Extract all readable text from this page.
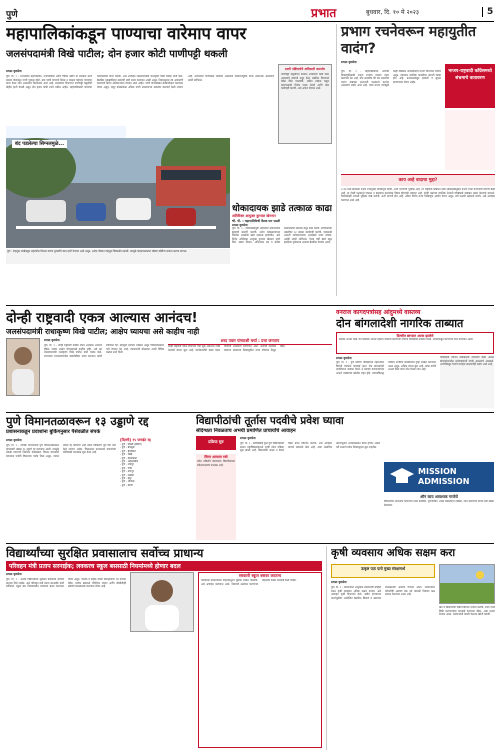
पुणे	प्रभात	बुधवार, दि. १० मे २०२३	5
महापालिकांकडून पाण्याचा वारेमाप वापर
जलसंपदामंत्री विखे पाटील; दोन हजार कोटी पाणीपट्टी थकली
प्रभात वृत्तसेवा
पुणे, दि. ९ - राज्यातील महापालिका, नगरपालिका आणि विविध उद्योग या संस्थांना धरण प्रकल्प योजनेतून पाणी पुरवठा होतो. मात्र पाणी वापराचे नियम न पाळता वारेमाप पाण्याचा वापर केला जात असल्याचे निदर्शनास आले आहे. जलसंपदा विभागाने पाणीपट्टी वसुलीची मोहीम हाती घेतली असून दोन हजार कोटी रुपये थकीत आहेत. महापालिकांनी पाण्याचा काटकसरीने वापर करावा, असे आवाहन जलसंपदामंत्री राधाकृष्ण विखे पाटील यांनी केले. बैठकीत थकबाकीदार संस्थांची यादी सादर करण्यात आली असून, नियमानुसार दंड आकारणी करण्याचे निर्देश अधिकाऱ्यांना देण्यात आले आहेत. पाणी वापराबाबत लेखापरीक्षण करण्यात येणार असून, मंजूर कोट्यापेक्षा अधिक पाणी उचलणाऱ्या संस्थांवर कारवाई केली जाणार आहे. धरणांतील पाणीसाठा मर्यादित असल्याने नियोजनपूर्वक वापर आवश्यक असल्याचे त्यांनी सांगितले.
प्राणी पक्षिवर्गाचे अधिकारी कमजोर
पाणीपट्टी वसुलीच्या कामात अधिकारी कमी पडत असल्याचे मंत्र्यांनी नमूद केले. संबंधित विभागाने वेळेत बिले पाठवावी, थकीत रक्कम वसूल करण्यासाठी विशेष पथक नेमावे आणि ठोस कार्यवाही करावी, असे आदेश देण्यात आले.
बंद पडलेल्या सिग्नलमुळे...
पुणे : वाहतूक शाखेकडून शहरातील सिग्नल यंत्रणा दुरुस्तीचे काम हाती घेण्यात आले असून, अनेक चौकांत वाहतूक विस्कळीत झाली. त्यामुळे वाहनचालकांना मोठ्या कोंडीचा सामना करावा लागला.
धोकादायक झाडे तत्काळ काढा
अतिरिक्त आयुक्त कुणाल खेमनार
भी. पी. : महापालिकेची बैठक पार पडली
प्रभात वृत्तसेवा
पुणे, दि. ९ - पावसाळ्यापूर्वी शहरातील धोकादायक झाडांची छाटणी करावी, तसेच कोसळण्याच्या स्थितीत असलेली झाडे तत्काळ हटवावीत, असे निर्देश अतिरिक्त आयुक्त कुणाल खेमनार यांनी दिले. उद्यान विभाग, अग्निशमन दल व क्षेत्रीय कार्यालयांनी समन्वय ठेवून काम करावे. नागरिकांच्या तक्रारींवर २४ तासांत कार्यवाही करावी. पावसाळी आपत्ती व्यवस्थापनाचा आराखडा तयार ठेवावा, असेही त्यांनी सांगितले. गेल्या वर्षी झाडे पडून झालेल्या दुर्घटनांचा आढावा बैठकीत घेण्यात आला.
प्रभाग रचनेवरून महायुतीत वादंग?
प्रभात वृत्तसेवा
पुणे, दि. ९ - महापालिकेच्या आगामी निवडणुकीसाठी प्रभाग रचनेचा प्रस्ताव तयार करण्यात येत आहे. तीन सदस्यीय की चार सदस्यीय प्रभाग याबाबत सत्ताधारी पक्षांमध्ये मतभेद असल्याचे समोर आले आहे. नव्या प्रभाग रचनेमुळे काही विद्यमान नगरसेवकांचे प्रभाग विभागले जाणार असून, त्यावरून स्थानिक पातळीवर नाराजी व्यक्त होत आहे. प्रशासनाकडून हरकती व सूचना मागवण्यात येणार आहेत.
भाजप-राष्ट्रवादी काँग्रेसमध्ये संभ्रमाचे वातावरण
काय आहे वादाचा मुद्दा?
२०१७ मध्ये झालेल्या प्रभाग रचनेनुसार निवडणूक घ्यावी, अशी भाजपची भूमिका आहे. तर राष्ट्रवादी काँग्रेसने नव्या लोकसंख्येनुसार प्रभाग रचना करण्याची मागणी केली आहे. या दोन्ही पक्षांमध्ये एकमत न झाल्यास प्रस्तावास विलंब होण्याची शक्यता आहे. दोन्ही पक्षांच्या स्थानिक नेत्यांनी वरिष्ठांकडे याबाबत तक्रार केल्याचे समजते. शिवसेनेनेही आपली भूमिका स्पष्ट करावी, अशी मागणी होत आहे. अंतिम निर्णय राज्य निवडणूक आयोग घेणार असून, सर्व पक्षांनी सहकार्य करावे, असे आवाहन करण्यात आले आहे.
दोन्ही राष्ट्रवादी एकत्र आल्यास आनंदच!
जलसंपदामंत्री राधाकृष्ण विखे पाटील; आक्षेप घ्यायचा असे काहीच नाही
प्रभात वृत्तसेवा
पुणे, दि. ९ - दोन्ही राष्ट्रवादी काँग्रेस एकत्र आल्यास आनंदच होईल, त्यावर आक्षेप घेण्यासारखे काहीच नाही, असे मत जलसंपदामंत्री राधाकृष्ण विखे पाटील यांनी व्यक्त केले. राज्याच्या राजकारणातील घडामोडींवर भाष्य करताना त्यांनी सांगितले की, महायुती सरकार भक्कम असून विकासकामांना गती देण्यात येत आहे. पत्रकारांशी बोलताना त्यांनी विविध प्रश्नांना उत्तरे दिली.
शरद पवार यांच्याशी चर्चा : दत्ता जगताप
दोन्ही राष्ट्रवादी एकत्र येण्याच्या चर्चा सुरू असताना ज्येष्ठ नेत्यांशी संवाद सुरू आहे. कार्यकर्त्यांची इच्छा एकत्र येण्याची असल्याचे सांगण्यात आले. आगामी स्थानिक स्वराज्य संस्थांच्या निवडणुकीत याचा परिणाम दिसून येईल.
वनराज कागदपत्रांसह आंदुमध्ये वास्तव्य
दोन बांगलादेशी नागरिक ताब्यात
दिल्लीत छाप्यात अटक झालेले
बनावट आधार कार्ड, पॅन कार्डच्या आधारे शहरात वास्तव्य करणाऱ्या दोघांना पोलिसांनी ताब्यात घेतले. त्यांच्याकडून कागदपत्रे जप्त करण्यात आली.
प्रभात वृत्तसेवा
पुणे, दि. ९ - पुणे ग्रामीण पोलिसांच्या दहशतवाद विरोधी पथकाने कारवाई करत दोन बांगलादेशी नागरिकांना ताब्यात घेतले. ते बनावट कागदपत्रांच्या आधारे भाड्याच्या खोलीत राहत होते. त्यांच्याविरुद्ध परकीय नागरिक कायद्यान्वये गुन्हा दाखल करण्यात आला असून, अधिक तपास सुरू आहे. त्यांना कोणी आश्रय दिला याचा शोध घेतला जात आहे.
पोलिसांनी त्यांच्या मोबाइलची तपासणी केली असता बांगलादेशातील नातेवाइकांशी संपर्क असल्याचे आढळले. आरोपींकडून पैशांचे व्यवहार झाल्याचेही समोर आले आहे.
पुणे विमानतळावरून १३ उड्डाणे रद्द
प्रशासनाकडून प्रवाशांना बुकिंगनुसार पैसेवळीत संपर्क
प्रभात वृत्तसेवा
पुणे, दि. ९ - तांत्रिक कारणास्तव पुणे विमानतळावरून मंगळवारी तब्बल १३ उड्डाणे रद्द करण्यात आली. त्यामुळे शेकडो प्रवाशांचे नियोजन कोलमडले. विमान कंपन्यांनी प्रवाशांना पर्यायी विमानाचा पर्याय दिला असून, ज्यांना प्रवास रद्द करायचा आहे त्यांना तिकिटाचे पूर्ण पैसे परत केले जाणार आहेत. विमानतळ प्रशासनाने प्रवाशांच्या सोयीसाठी मदतकक्ष सुरू केला आहे.
[दिल्ली] १५ फ्लाईट रद्द
- पुणे - दिल्ली (इंडिगो)
- पुणे - बंगळुरू
- पुणे - हैदराबाद
- पुणे - चेन्नई
- पुणे - कोलकाता
- पुणे - अहमदाबाद
- पुणे - जयपूर
- पुणे - गोवा
- पुणे - नागपूर
- पुणे - लखनौ
- पुणे - इंदूर
- पुणे - भोपाळ
- पुणे - कोची
विद्यापीठांची तूर्तास पदवीचे प्रवेश घ्यावा
संदिग्धता निवळताच अभयी प्रमाणित प्राचार्यांचे आवाहन
प्रक्रिया सुरु
प्रभात वृत्तसेवा
पुणे, दि. ९ - सावित्रीबाई फुले पुणे विद्यापीठाशी संलग्न महाविद्यालयांमध्ये पदवी प्रवेश प्रक्रिया सुरू झाली आहे. विद्यार्थ्यांनी संभ्रम न ठेवता वेळेत प्रवेश निश्चित करावा, असे आवाहन प्राचार्य संघटनेने केले आहे. नव्या शैक्षणिक धोरणानुसार अभ्यासक्रमात बदल होणार असले तरी सध्याचे प्रवेश नियमानुसार सुरू राहतील.
सिरम आयएल रस्ते
प्रवेश प्रक्रियेचे वेळापत्रक विद्यापीठाच्या संकेतस्थळावर उपलब्ध आहे.
MISSION ADMISSION
ऑन काय आवश्यक गरजेचे
विद्यार्थ्यांनी आवश्यक कागदपत्रे तयार ठेवावीत. गुणपत्रिका, शाळा सोडल्याचा दाखला, जात प्रमाणपत्र यांच्या प्रती सोबत ठेवाव्यात.
विद्यार्थ्यांच्या सुरक्षित प्रवासालाच सर्वोच्च प्राधान्य
परिवहन मंत्री प्रताप सरनाईक; लवकरच स्कूल बससाठी नियमांमध्ये होणार बदल
प्रभात वृत्तसेवा
पुणे, दि. ९ - शालेय विद्यार्थ्यांच्या सुरक्षित प्रवासाला सर्वोच्च प्राधान्य दिले जाईल, असे परिवहन मंत्री प्रताप सरनाईक यांनी सांगितले. स्कूल बस नियमावलीत लवकरच बदल करण्यात येणार असून, चालक व वाहक यांच्या प्रशिक्षणावर भर देण्यात येईल. प्रत्येक बसमध्ये जीपीएस यंत्रणा आणि सीसीटीव्ही बसवणे बंधनकारक करण्यात येणार आहे.
सरकारी स्कूल बसवर करताच
पालकांनी मान्यताप्राप्त वाहनांमधूनच मुलांना शाळेत पाठवावे, असे आवाहन करण्यात आले. नियमांचे उल्लंघन करणाऱ्या वाहनांवर कठोर कारवाई केली जाईल.
कृषी व्यवसाय अधिक सक्षम करा
उत्कृष्ट पाठ पाचे मुख्य संरक्षणार्थ
प्रभात वृत्तसेवा
पुणे, दि. ९ - शेतकऱ्यांना आधुनिक तंत्रज्ञानाची माहिती देऊन कृषी व्यवसाय अधिक सक्षम करावा, असे आवाहन कृषी विभागाने केले. खरीप हंगामाच्या पार्श्वभूमीवर आयोजित बैठकीत बियाणे व खतांच्या उपलब्धतेचा आढावा घेण्यात आला. शेतकऱ्यांना कोणतीही अडचण येऊ नये यासाठी नियंत्रण कक्ष स्थापन करण्यात आला आहे.
खत व बियाण्यांची विक्री निश्चित दरानेच करावी, जादा दराने विक्री करणाऱ्यांवर कारवाई करण्यात येईल, असा इशारा देण्यात आला. शेतकऱ्यांनी पावती घेऊनच खरेदी करावी.
